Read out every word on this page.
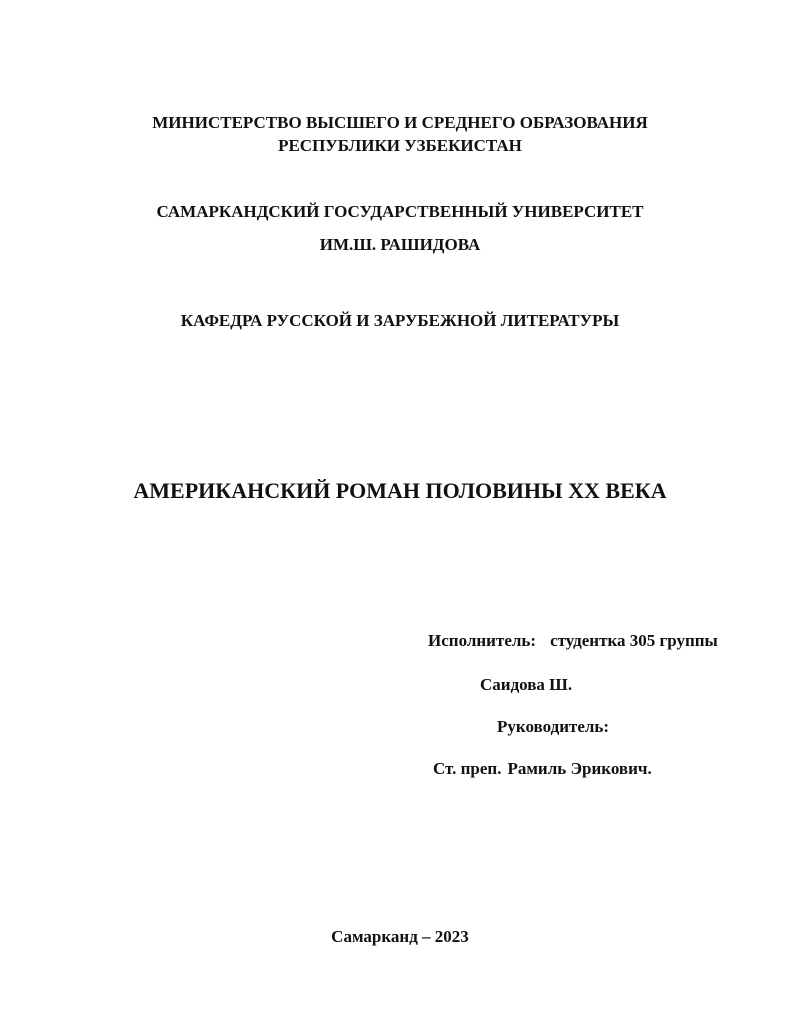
МИНИСТЕРСТВО ВЫСШЕГО И СРЕДНЕГО ОБРАЗОВАНИЯ
РЕСПУБЛИКИ УЗБЕКИСТАН
САМАРКАНДСКИЙ ГОСУДАРСТВЕННЫЙ УНИВЕРСИТЕТ
ИМ.Ш. РАШИДОВА
КАФЕДРА РУССКОЙ И ЗАРУБЕЖНОЙ ЛИТЕРАТУРЫ
АМЕРИКАНСКИЙ РОМАН ПОЛОВИНЫ XX ВЕКА
Исполнитель: студентка 305 группы
Саидова Ш.
Руководитель:
Ст. преп. Рамиль Эрикович.
Самарканд – 2023
